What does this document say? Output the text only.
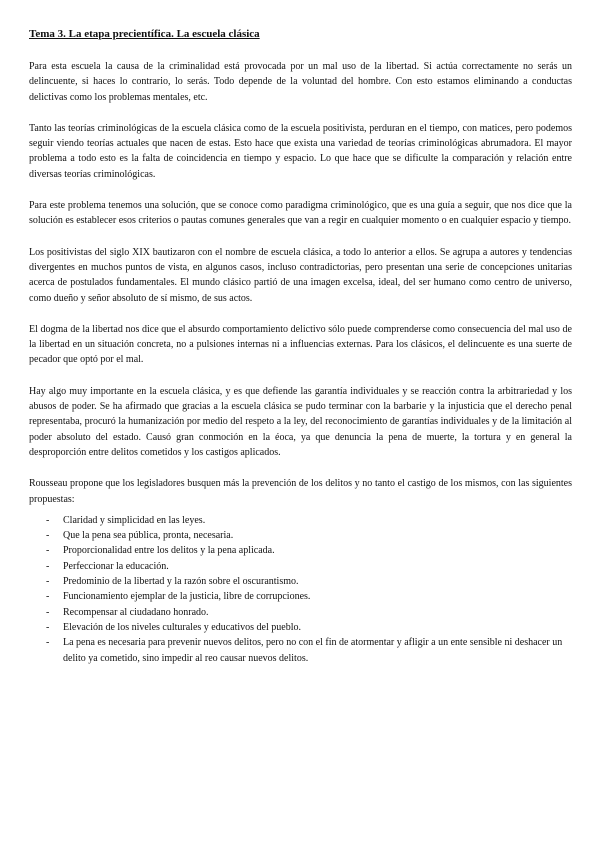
Tema 3. La etapa precientífica. La escuela clásica

Para esta escuela la causa de la criminalidad está provocada por un mal uso de la libertad. Si actúa correctamente no serás un delincuente, si haces lo contrario, lo serás. Todo depende de la voluntad del hombre. Con esto estamos eliminando a conductas delictivas como los problemas mentales, etc.

Tanto las teorías criminológicas de la escuela clásica como de la escuela positivista, perduran en el tiempo, con matices, pero podemos seguir viendo teorías actuales que nacen de estas. Esto hace que exista una variedad de teorías criminológicas abrumadora. El mayor problema a todo esto es la falta de coincidencia en tiempo y espacio. Lo que hace que se dificulte la comparación y relación entre diversas teorías criminológicas.

Para este problema tenemos una solución, que se conoce como paradigma criminológico, que es una guía a seguir, que nos dice que la solución es establecer esos criterios o pautas comunes generales que van a regir en cualquier momento o en cualquier espacio y tiempo.

Los positivistas del siglo XIX bautizaron con el nombre de escuela clásica, a todo lo anterior a ellos. Se agrupa a autores y tendencias divergentes en muchos puntos de vista, en algunos casos, incluso contradictorias, pero presentan una serie de concepciones unitarias acerca de postulados fundamentales. El mundo clásico partió de una imagen excelsa, ideal, del ser humano como centro de universo, como dueño y señor absoluto de sí mismo, de sus actos.

El dogma de la libertad nos dice que el absurdo comportamiento delictivo sólo puede comprenderse como consecuencia del mal uso de la libertad en un situación concreta, no a pulsiones internas ni a influencias externas. Para los clásicos, el delincuente es una suerte de pecador que optó por el mal.

Hay algo muy importante en la escuela clásica, y es que defiende las garantía individuales y se reacción contra la arbitrariedad y los abusos de poder. Se ha afirmado que gracias a la escuela clásica se pudo terminar con la barbarie y la injusticia que el derecho penal representaba, procuró la humanización por medio del respeto a la ley, del reconocimiento de garantías individuales y de la limitación al poder absoluto del estado. Causó gran conmoción en la éoca, ya que denuncia la pena de muerte, la tortura y en general la desproporción entre delitos cometidos y los castigos aplicados.

Rousseau propone que los legisladores busquen más la prevención de los delitos y no tanto el castigo de los mismos, con las siguientes propuestas:

- Claridad y simplicidad en las leyes.
- Que la pena sea pública, pronta, necesaria.
- Proporcionalidad entre los delitos y la pena aplicada.
- Perfeccionar la educación.
- Predominio de la libertad y la razón sobre el oscurantismo.
- Funcionamiento ejemplar de la justicia, libre de corrupciones.
- Recompensar al ciudadano honrado.
- Elevación de los niveles culturales y educativos del pueblo.
- La pena es necesaria para prevenir nuevos delitos, pero no con el fin de atormentar y afligir a un ente sensible ni deshacer un delito ya cometido, sino impedir al reo causar nuevos delitos.
